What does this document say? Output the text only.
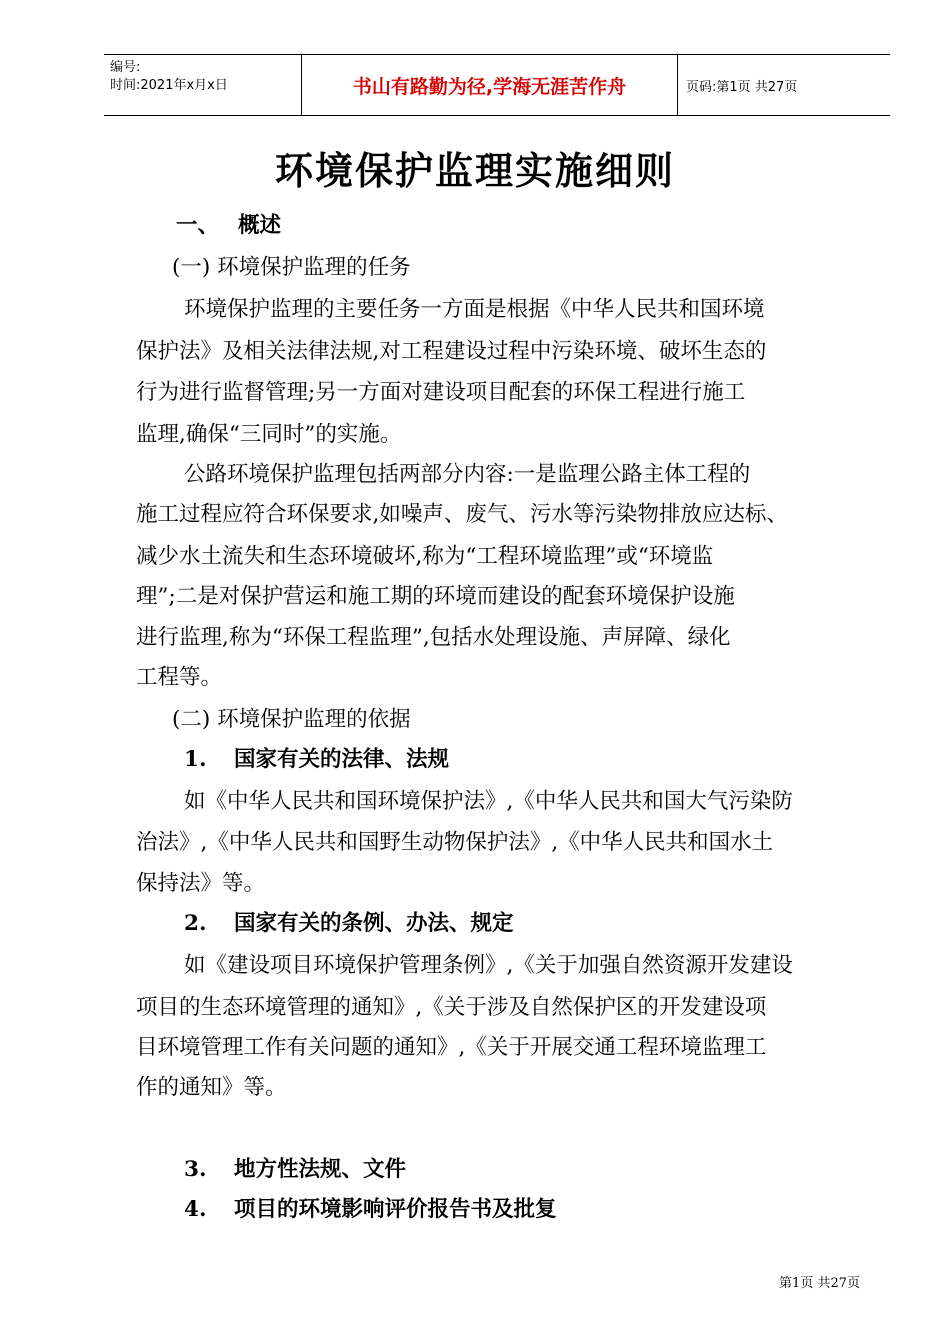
编号:
时间:2021年x月x日	书山有路勤为径,学海无涯苦作舟	页码:第1页 共27页
环境保护监理实施细则
一、 概述
(一) 环境保护监理的任务
环境保护监理的主要任务一方面是根据《中华人民共和国环境
保护法》及相关法律法规,对工程建设过程中污染环境、破坏生态的
行为进行监督管理;另一方面对建设项目配套的环保工程进行施工
监理,确保“三同时”的实施。
公路环境保护监理包括两部分内容:一是监理公路主体工程的
施工过程应符合环保要求,如噪声、废气、污水等污染物排放应达标、
减少水土流失和生态环境破坏,称为“工程环境监理”或“环境监
理”;二是对保护营运和施工期的环境而建设的配套环境保护设施
进行监理,称为“环保工程监理”,包括水处理设施、声屏障、绿化
工程等。
(二) 环境保护监理的依据
1. 国家有关的法律、法规
如《中华人民共和国环境保护法》,《中华人民共和国大气污染防
治法》,《中华人民共和国野生动物保护法》,《中华人民共和国水土
保持法》等。
2. 国家有关的条例、办法、规定
如《建设项目环境保护管理条例》,《关于加强自然资源开发建设
项目的生态环境管理的通知》,《关于涉及自然保护区的开发建设项
目环境管理工作有关问题的通知》,《关于开展交通工程环境监理工
作的通知》等。
3. 地方性法规、文件
4. 项目的环境影响评价报告书及批复
第1页 共27页
